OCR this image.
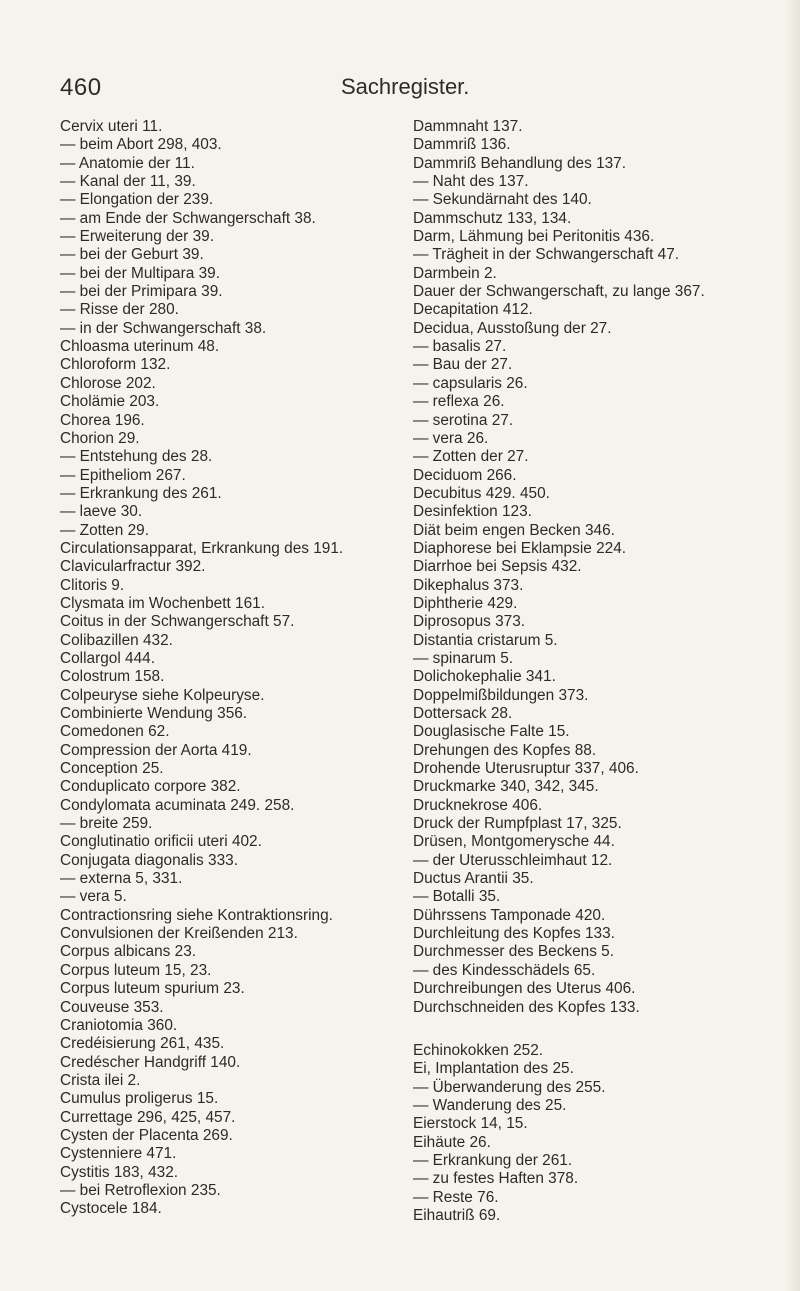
460	Sachregister.
Cervix uteri 11.
— beim Abort 298, 403.
— Anatomie der 11.
— Kanal der 11, 39.
— Elongation der 239.
— am Ende der Schwangerschaft 38.
— Erweiterung der 39.
— bei der Geburt 39.
— bei der Multipara 39.
— bei der Primipara 39.
— Risse der 280.
— in der Schwangerschaft 38.
Chloasma uterinum 48.
Chloroform 132.
Chlorose 202.
Cholämie 203.
Chorea 196.
Chorion 29.
— Entstehung des 28.
— Epitheliom 267.
— Erkrankung des 261.
— laeve 30.
— Zotten 29.
Circulationsapparat, Erkrankung des 191.
Clavicularfractur 392.
Clitoris 9.
Clysmata im Wochenbett 161.
Coitus in der Schwangerschaft 57.
Colibazillen 432.
Collargol 444.
Colostrum 158.
Colpeuryse siehe Kolpeuryse.
Combinierte Wendung 356.
Comedonen 62.
Compression der Aorta 419.
Conception 25.
Conduplicato corpore 382.
Condylomata acuminata 249. 258.
— breite 259.
Conglutinatio orificii uteri 402.
Conjugata diagonalis 333.
— externa 5, 331.
— vera 5.
Contractionsring siehe Kontraktionsring.
Convulsionen der Kreißenden 213.
Corpus albicans 23.
Corpus luteum 15, 23.
Corpus luteum spurium 23.
Couveuse 353.
Craniotomia 360.
Credéisierung 261, 435.
Credéscher Handgriff 140.
Crista ilei 2.
Cumulus proligerus 15.
Currettage 296, 425, 457.
Cysten der Placenta 269.
Cystenniere 471.
Cystitis 183, 432.
— bei Retroflexion 235.
Cystocele 184.
Dammnaht 137.
Dammriß 136.
Dammriß Behandlung des 137.
— Naht des 137.
— Sekundärnaht des 140.
Dammschutz 133, 134.
Darm, Lähmung bei Peritonitis 436.
— Trägheit in der Schwangerschaft 47.
Darmbein 2.
Dauer der Schwangerschaft, zu lange 367.
Decapitation 412.
Decidua, Ausstoßung der 27.
— basalis 27.
— Bau der 27.
— capsularis 26.
— reflexa 26.
— serotina 27.
— vera 26.
— Zotten der 27.
Deciduom 266.
Decubitus 429. 450.
Desinfektion 123.
Diät beim engen Becken 346.
Diaphorese bei Eklampsie 224.
Diarrhoe bei Sepsis 432.
Dikephalus 373.
Diphtherie 429.
Diprosopus 373.
Distantia cristarum 5.
— spinarum 5.
Dolichokephalie 341.
Doppelmißbildungen 373.
Dottersack 28.
Douglasische Falte 15.
Drehungen des Kopfes 88.
Drohende Uterusruptur 337, 406.
Druckmarke 340, 342, 345.
Drucknekrose 406.
Druck der Rumpfplast 17, 325.
Drüsen, Montgomerysche 44.
— der Uterusschleimhaut 12.
Ductus Arantii 35.
— Botalli 35.
Dührssens Tamponade 420.
Durchleitung des Kopfes 133.
Durchmesser des Beckens 5.
— des Kindesschädels 65.
Durchreibungen des Uterus 406.
Durchschneiden des Kopfes 133.
Echinokokken 252.
Ei, Implantation des 25.
— Überwanderung des 255.
— Wanderung des 25.
Eierstock 14, 15.
Eihäute 26.
— Erkrankung der 261.
— zu festes Haften 378.
— Reste 76.
Eihautriß 69.
